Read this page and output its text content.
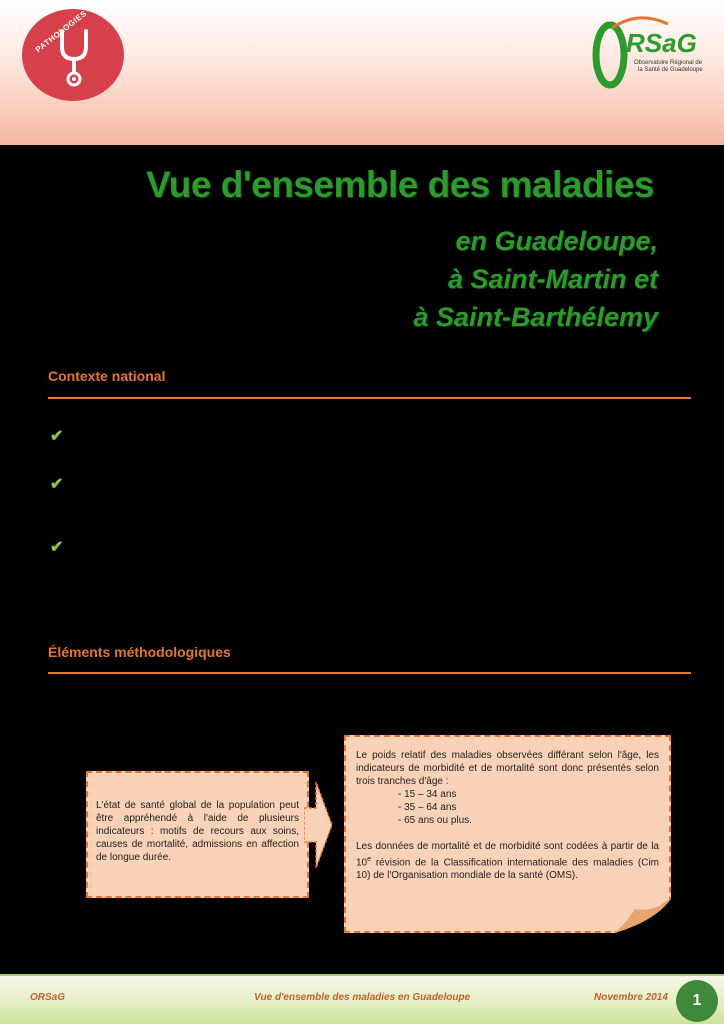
PATHOLOGIES	RSaG
Observatoire Régional de
la Santé de Guadeloupe
Vue d'ensemble des maladies
en Guadeloupe,
à Saint-Martin et
à Saint-Barthélemy
Contexte national
✔
✔
✔
Éléments méthodologiques

L'état de santé global de la population peut être appréhendé à l'aide de plusieurs indicateurs : motifs de recours aux soins, causes de mortalité, admissions en affection de longue durée.

Le poids relatif des maladies observées différant selon l'âge, les indicateurs de morbidité et de mortalité sont donc présentés selon trois tranches d'âge :

- 15 – 34 ans
- 35 – 64 ans
- 65 ans ou plus.

Les données de mortalité et de morbidité sont codées à partir de la 10e révision de la Classification internationale des maladies (Cim 10) de l'Organisation mondiale de la santé (OMS).

ORSaG	Vue d'ensemble des maladies en Guadeloupe	Novembre 2014	1
